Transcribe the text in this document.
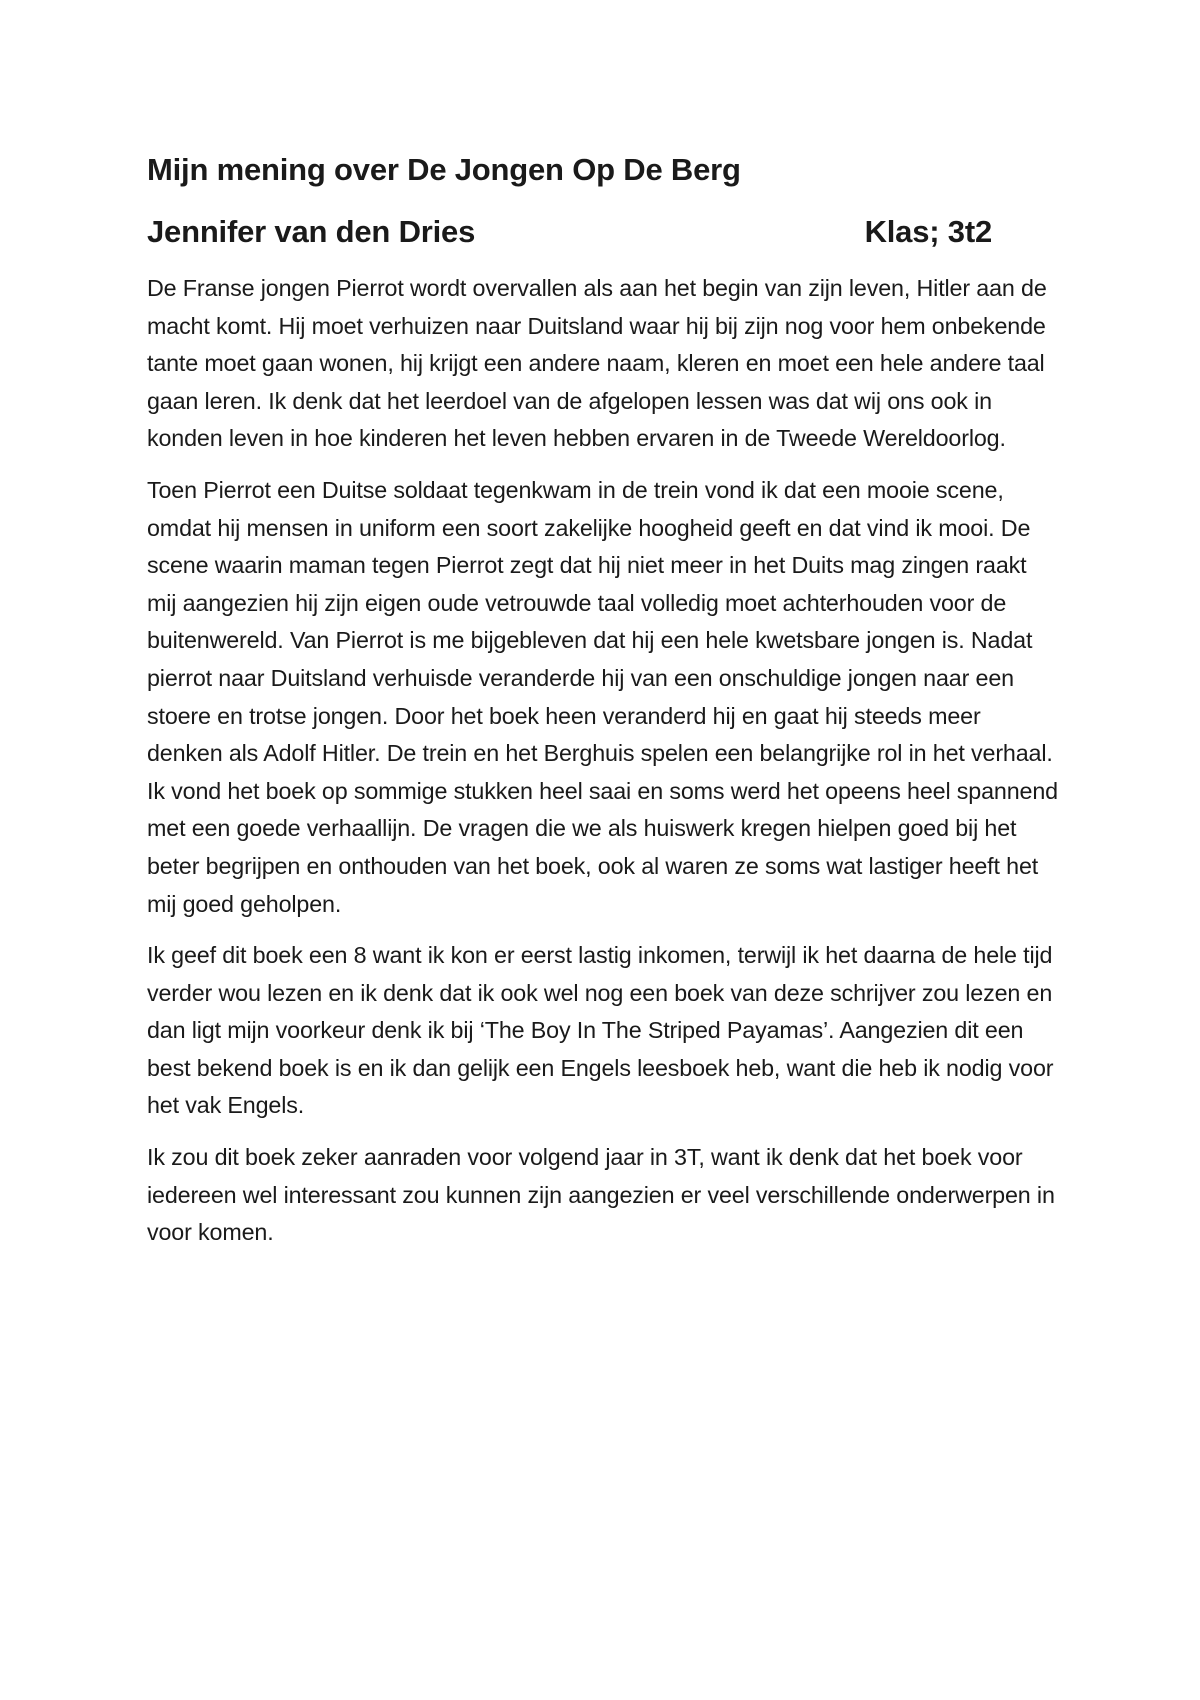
Mijn mening over De Jongen Op De Berg
Jennifer van den Dries	Klas; 3t2

De Franse jongen Pierrot wordt overvallen als aan het begin van zijn leven, Hitler aan de macht komt. Hij moet verhuizen naar Duitsland waar hij bij zijn nog voor hem onbekende tante moet gaan wonen, hij krijgt een andere naam, kleren en moet een hele andere taal gaan leren. Ik denk dat het leerdoel van de afgelopen lessen was dat wij ons ook in konden leven in hoe kinderen het leven hebben ervaren in de Tweede Wereldoorlog.

Toen Pierrot een Duitse soldaat tegenkwam in de trein vond ik dat een mooie scene, omdat hij mensen in uniform een soort zakelijke hoogheid geeft en dat vind ik mooi. De scene waarin maman tegen Pierrot zegt dat hij niet meer in het Duits mag zingen raakt mij aangezien hij zijn eigen oude vetrouwde taal volledig moet achterhouden voor de buitenwereld. Van Pierrot is me bijgebleven dat hij een hele kwetsbare jongen is. Nadat pierrot naar Duitsland verhuisde veranderde hij van een onschuldige jongen naar een stoere en trotse jongen. Door het boek heen veranderd hij en gaat hij steeds meer denken als Adolf Hitler. De trein en het Berghuis spelen een belangrijke rol in het verhaal. Ik vond het boek op sommige stukken heel saai en soms werd het opeens heel spannend met een goede verhaallijn. De vragen die we als huiswerk kregen hielpen goed bij het beter begrijpen en onthouden van het boek, ook al waren ze soms wat lastiger heeft het mij goed geholpen.

Ik geef dit boek een 8 want ik kon er eerst lastig inkomen, terwijl ik het daarna de hele tijd verder wou lezen en ik denk dat ik ook wel nog een boek van deze schrijver zou lezen en dan ligt mijn voorkeur denk ik bij ‘The Boy In The Striped Payamas’. Aangezien dit een best bekend boek is en ik dan gelijk een Engels leesboek heb, want die heb ik nodig voor het vak Engels.

Ik zou dit boek zeker aanraden voor volgend jaar in 3T, want ik denk dat het boek voor iedereen wel interessant zou kunnen zijn aangezien er veel verschillende onderwerpen in voor komen.
